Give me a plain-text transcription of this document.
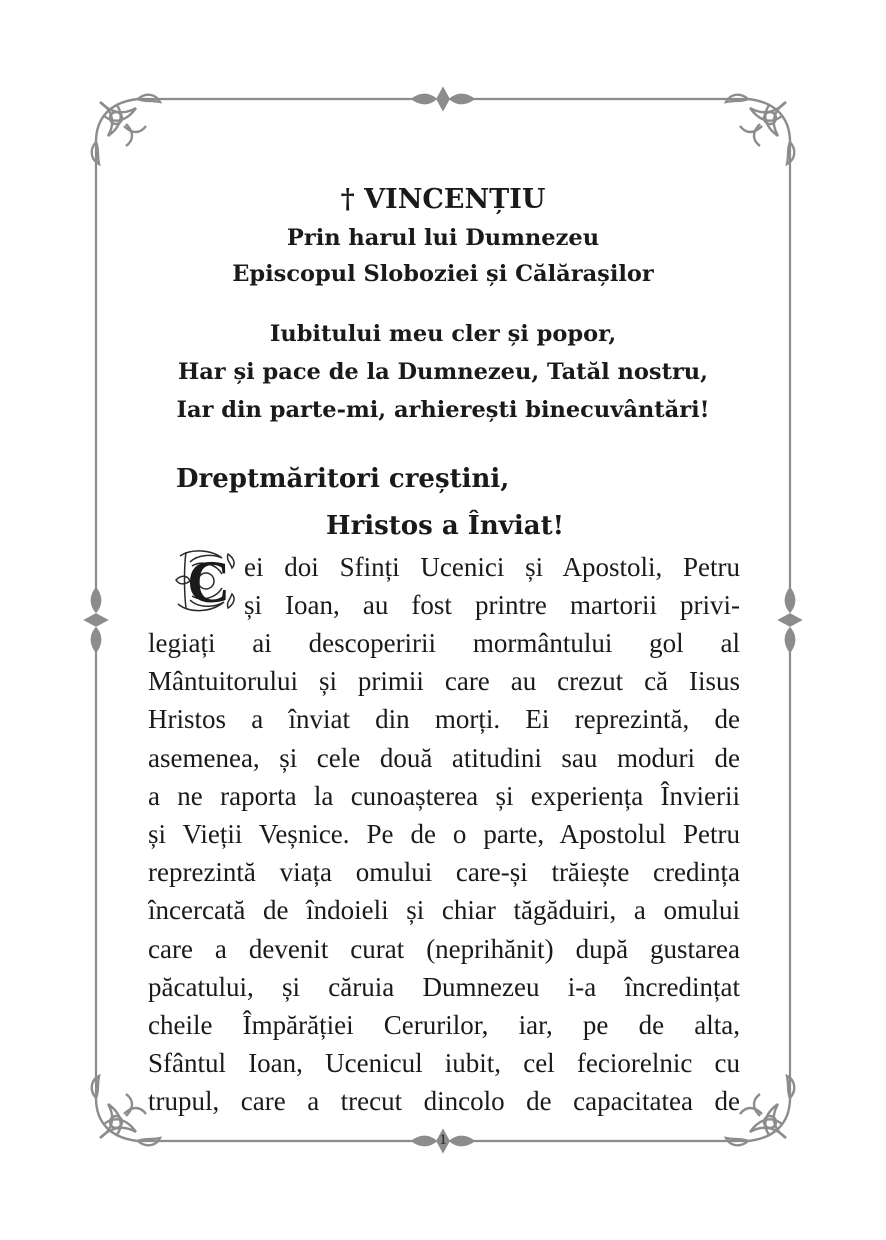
† VINCENȚIU
Prin harul lui Dumnezeu
Episcopul Sloboziei și Călărașilor
Iubitului meu cler și popor,
Har și pace de la Dumnezeu, Tatăl nostru,
Iar din parte-mi, arhierești binecuvântări!
Dreptmăritori creștini,
Hristos a Înviat!
C ei doi Sfinți Ucenici și Apostoli, Petru
și Ioan, au fost printre martorii privi-
legiați ai descoperirii mormântului gol al
Mântuitorului și primii care au crezut că Iisus
Hristos a înviat din morți. Ei reprezintă, de
asemenea, și cele două atitudini sau moduri de
a ne raporta la cunoașterea și experiența Învierii
și Vieții Veșnice. Pe de o parte, Apostolul Petru
reprezintă viața omului care-și trăiește credința
încercată de îndoieli și chiar tăgăduiri, a omului
care a devenit curat (neprihănit) după gustarea
păcatului, și căruia Dumnezeu i-a încredințat
cheile Împărăției Cerurilor, iar, pe de alta,
Sfântul Ioan, Ucenicul iubit, cel feciorelnic cu
trupul, care a trecut dincolo de capacitatea de
1
